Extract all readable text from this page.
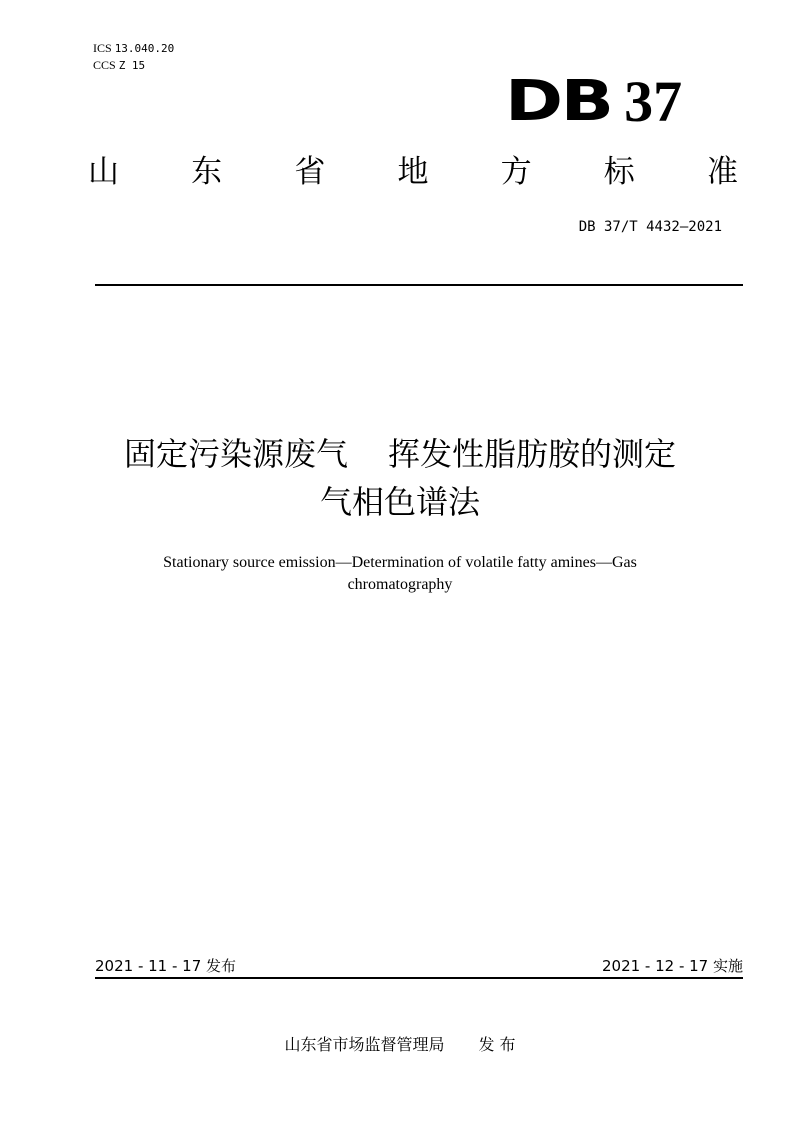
ICS 13.040.20
CCS Z 15
DB 37
山 东 省 地 方 标 准
DB 37/T 4432—2021
固定污染源废气 挥发性脂肪胺的测定
气相色谱法
Stationary source emission—Determination of volatile fatty amines—Gas
chromatography
2021 - 11 - 17 发布	2021 - 12 - 17 实施
山东省市场监督管理局 发 布
